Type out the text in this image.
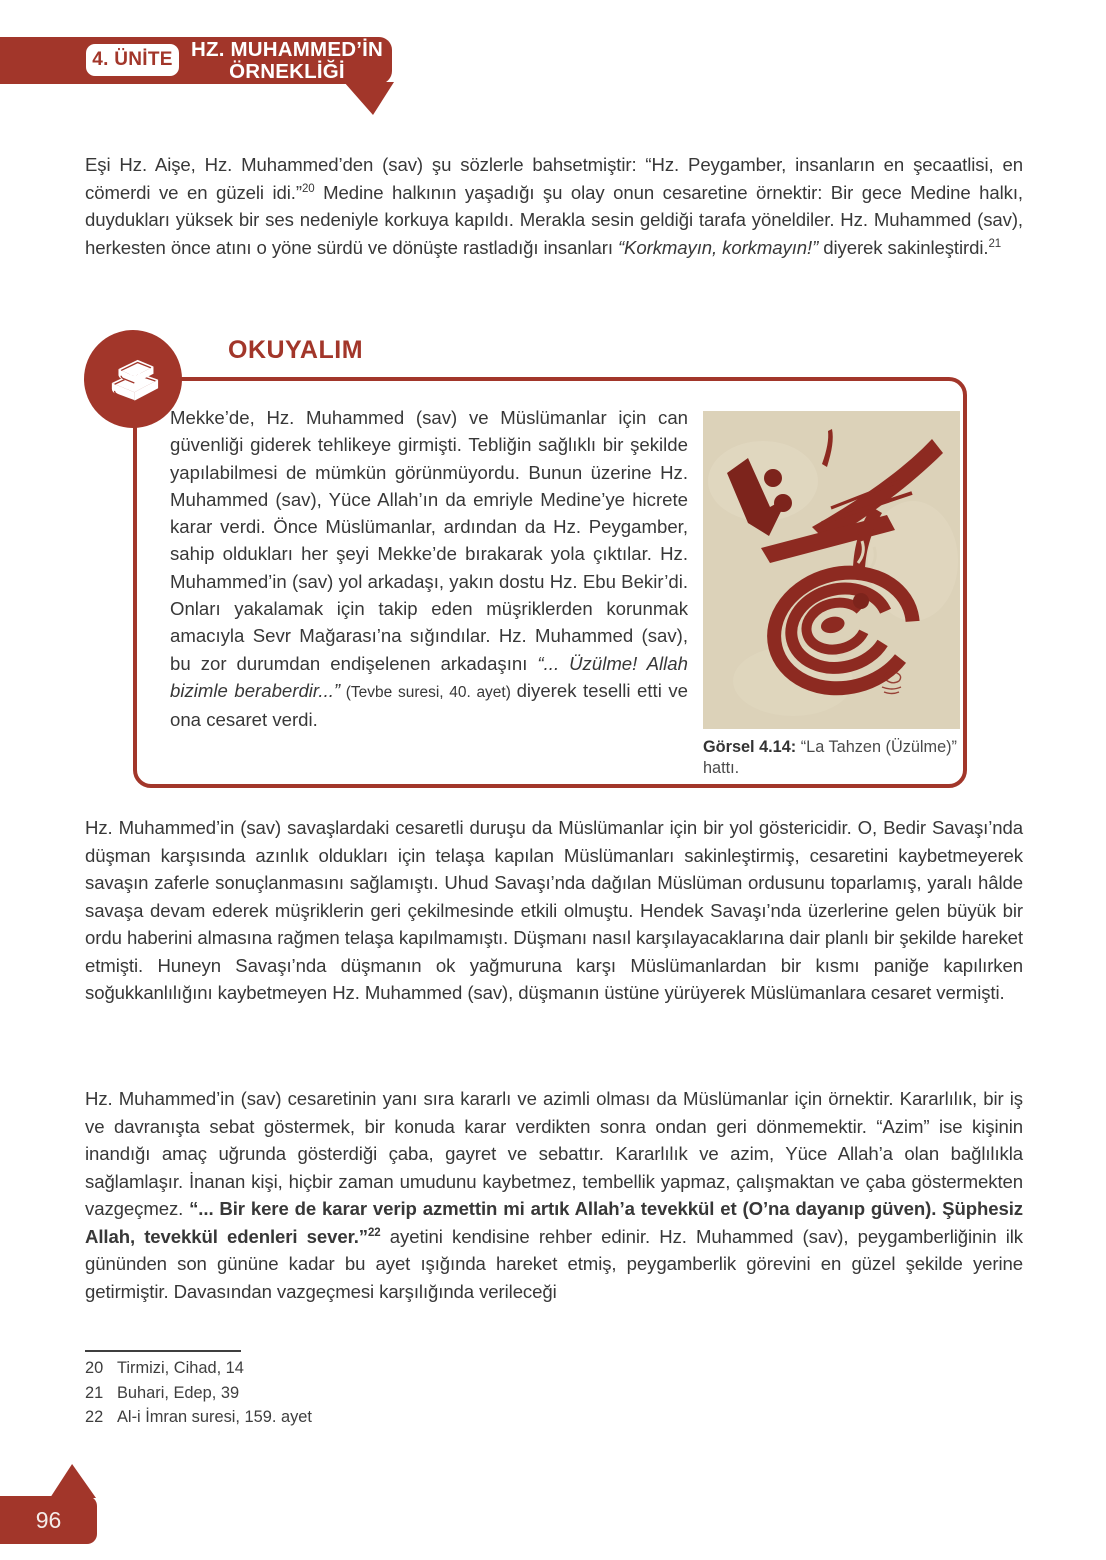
4. ÜNİTE HZ. MUHAMMED’İN
ÖRNEKLİĞİ

Eşi Hz. Aişe, Hz. Muhammed’den (sav) şu sözlerle bahsetmiştir: “Hz. Peygamber, insanların en şecaatlisi, en cömerdi ve en güzeli idi.”$^{20}$ Medine halkının yaşadığı şu olay onun cesaretine örnektir: Bir gece Medine halkı, duydukları yüksek bir ses nedeniyle korkuya kapıldı. Merakla sesin geldiği tarafa yöneldiler. Hz. Muhammed (sav), herkesten önce atını o yöne sürdü ve dönüşte rastladığı insanları “Korkmayın, korkmayın!” diyerek sakinleştirdi.$^{21}$

Mekke’de, Hz. Muhammed (sav) ve Müslümanlar için can güvenliği giderek tehlikeye girmişti. Tebliğin sağlıklı bir şekilde yapılabilmesi de mümkün görünmüyordu. Bunun üzerine Hz. Muhammed (sav), Yüce Allah’ın da emriyle Medine’ye hicrete karar verdi. Önce Müslümanlar, ardından da Hz. Peygamber, sahip oldukları her şeyi Mekke’de bırakarak yola çıktılar. Hz. Muhammed’in (sav) yol arkadaşı, yakın dostu Hz. Ebu Bekir’di. Onları yakalamak için takip eden müşriklerden korunmak amacıyla Sevr Mağarası’na sığındılar. Hz. Muhammed (sav), bu zor durumdan endişelenen arkadaşını “... Üzülme! Allah bizimle beraberdir...” (Tevbe suresi, 40. ayet) diyerek teselli etti ve ona cesaret verdi.

Görsel 4.14: “La Tahzen (Üzülme)” hattı.
OKUYALIM

Hz. Muhammed’in (sav) savaşlardaki cesaretli duruşu da Müslümanlar için bir yol göstericidir. O, Bedir Savaşı’nda düşman karşısında azınlık oldukları için telaşa kapılan Müslümanları sakinleştirmiş, cesaretini kaybetmeyerek savaşın zaferle sonuçlanmasını sağlamıştı. Uhud Savaşı’nda dağılan Müslüman ordusunu toparlamış, yaralı hâlde savaşa devam ederek müşriklerin geri çekilmesinde etkili olmuştu. Hendek Savaşı’nda üzerlerine gelen büyük bir ordu haberini almasına rağmen telaşa kapılmamıştı. Düşmanı nasıl karşılayacaklarına dair planlı bir şekilde hareket etmişti. Huneyn Savaşı’nda düşmanın ok yağmuruna karşı Müslümanlardan bir kısmı paniğe kapılırken soğukkanlılığını kaybetmeyen Hz. Muhammed (sav), düşmanın üstüne yürüyerek Müslümanlara cesaret vermişti.

Hz. Muhammed’in (sav) cesaretinin yanı sıra kararlı ve azimli olması da Müslümanlar için örnektir. Kararlılık, bir iş ve davranışta sebat göstermek, bir konuda karar verdikten sonra ondan geri dönmemektir. “Azim” ise kişinin inandığı amaç uğrunda gösterdiği çaba, gayret ve sebattır. Kararlılık ve azim, Yüce Allah’a olan bağlılıkla sağlamlaşır. İnanan kişi, hiçbir zaman umudunu kaybetmez, tembellik yapmaz, çalışmaktan ve çaba göstermekten vazgeçmez. “... Bir kere de karar verip azmettin mi artık Allah’a tevekkül et (O’na dayanıp güven). Şüphesiz Allah, tevekkül edenleri sever.”$^{22}$ ayetini kendisine rehber edinir. Hz. Muhammed (sav), peygamberliğinin ilk gününden son gününe kadar bu ayet ışığında hareket etmiş, peygamberlik görevini en güzel şekilde yerine getirmiştir. Davasından vazgeçmesi karşılığında verileceği

20 Tirmizi, Cihad, 14
21 Buhari, Edep, 39
22 Al-i İmran suresi, 159. ayet
96
